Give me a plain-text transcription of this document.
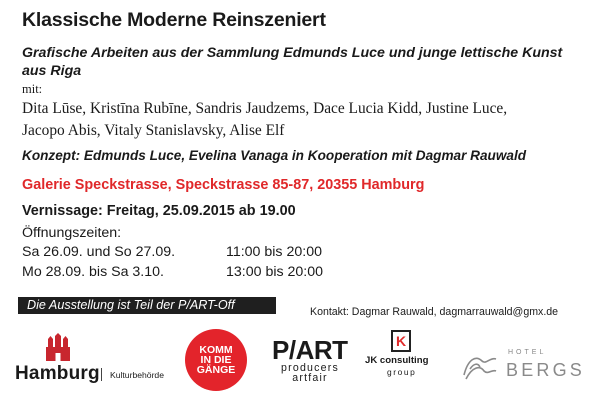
Klassische Moderne Reinszeniert
Grafische Arbeiten aus der Sammlung Edmunds Luce und junge lettische Kunst aus Riga
mit:
Dita Lūse, Kristīna Rubīne, Sandris Jaudzems, Dace Lucia Kidd, Justine Luce,
Jacopo Abis, Vitaly Stanislavsky, Alise Elf
Konzept: Edmunds Luce, Evelina Vanaga in Kooperation mit Dagmar Rauwald
Galerie Speckstrasse, Speckstrasse 85-87, 20355 Hamburg
Vernissage: Freitag, 25.09.2015 ab 19.00
Öffnungszeiten:
Sa 26.09. und So 27.09.	11:00 bis 20:00
Mo 28.09. bis Sa 3.10.	13:00 bis 20:00
Die Ausstellung ist Teil der P/ART-Off	Kontakt: Dagmar Rauwald, dagmarrauwald@gmx.de
Hamburg Kulturbehörde
KOMM
IN DIE
GÄNGE
P/ART
producers
artfair
K
JK consulting
group
HOTEL
BERGS
